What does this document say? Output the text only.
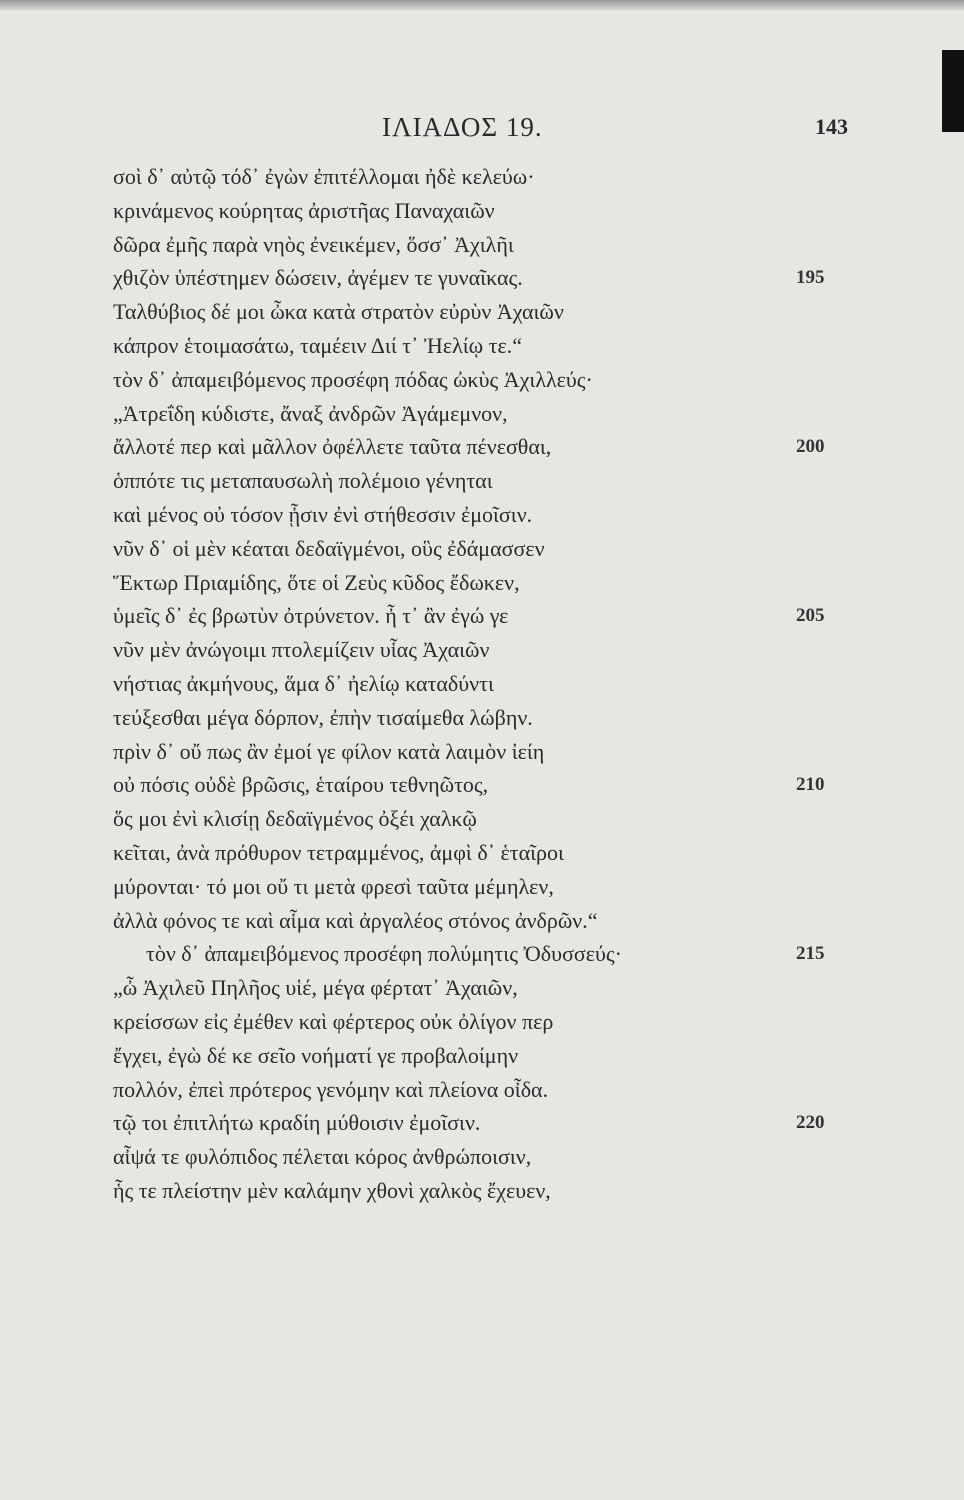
ΙΛΙΑΔΟΣ 19.	143
σοὶ δ᾽ αὐτῷ τόδ᾽ ἐγὼν ἐπιτέλλομαι ἠδὲ κελεύω·
κρινάμενος κούρητας ἀριστῆας Παναχαιῶν
δῶρα ἐμῆς παρὰ νηὸς ἐνεικέμεν, ὅσσ᾽ Ἀχιλῆι
χθιζὸν ὑπέστημεν δώσειν, ἀγέμεν τε γυναῖκας.	195
Ταλθύβιος δέ μοι ὦκα κατὰ στρατὸν εὐρὺν Ἀχαιῶν
κάπρον ἑτοιμασάτω, ταμέειν Διί τ᾽ Ἠελίῳ τε.“
τὸν δ᾽ ἀπαμειβόμενος προσέφη πόδας ὠκὺς Ἀχιλλεύς·
„Ἀτρεΐδη κύδιστε, ἄναξ ἀνδρῶν Ἀγάμεμνον,
ἄλλοτέ περ καὶ μᾶλλον ὀφέλλετε ταῦτα πένεσθαι,	200
ὁππότε τις μεταπαυσωλὴ πολέμοιο γένηται
καὶ μένος οὐ τόσον ᾖσιν ἐνὶ στήθεσσιν ἐμοῖσιν.
νῦν δ᾽ οἱ μὲν κέαται δεδαϊγμένοι, οὓς ἐδάμασσεν
Ἕκτωρ Πριαμίδης, ὅτε οἱ Ζεὺς κῦδος ἔδωκεν,
ὑμεῖς δ᾽ ἐς βρωτὺν ὀτρύνετον. ἦ τ᾽ ἂν ἐγώ γε	205
νῦν μὲν ἀνώγοιμι πτολεμίζειν υἷας Ἀχαιῶν
νήστιας ἀκμήνους, ἅμα δ᾽ ἠελίῳ καταδύντι
τεύξεσθαι μέγα δόρπον, ἐπὴν τισαίμεθα λώβην.
πρὶν δ᾽ οὔ πως ἂν ἐμοί γε φίλον κατὰ λαιμὸν ἰείη
οὐ πόσις οὐδὲ βρῶσις, ἑταίρου τεθνηῶτος,	210
ὅς μοι ἐνὶ κλισίῃ δεδαϊγμένος ὀξέι χαλκῷ
κεῖται, ἀνὰ πρόθυρον τετραμμένος, ἀμφὶ δ᾽ ἑταῖροι
μύρονται· τό μοι οὔ τι μετὰ φρεσὶ ταῦτα μέμηλεν,
ἀλλὰ φόνος τε καὶ αἷμα καὶ ἀργαλέος στόνος ἀνδρῶν.“
τὸν δ᾽ ἀπαμειβόμενος προσέφη πολύμητις Ὀδυσσεύς·	215
„ὦ Ἀχιλεῦ Πηλῆος υἱέ, μέγα φέρτατ᾽ Ἀχαιῶν,
κρείσσων εἰς ἐμέθεν καὶ φέρτερος οὐκ ὀλίγον περ
ἔγχει, ἐγὼ δέ κε σεῖο νοήματί γε προβαλοίμην
πολλόν, ἐπεὶ πρότερος γενόμην καὶ πλείονα οἶδα.
τῷ τοι ἐπιτλήτω κραδίη μύθοισιν ἐμοῖσιν.	220
αἶψά τε φυλόπιδος πέλεται κόρος ἀνθρώποισιν,
ἧς τε πλείστην μὲν καλάμην χθονὶ χαλκὸς ἔχευεν,
